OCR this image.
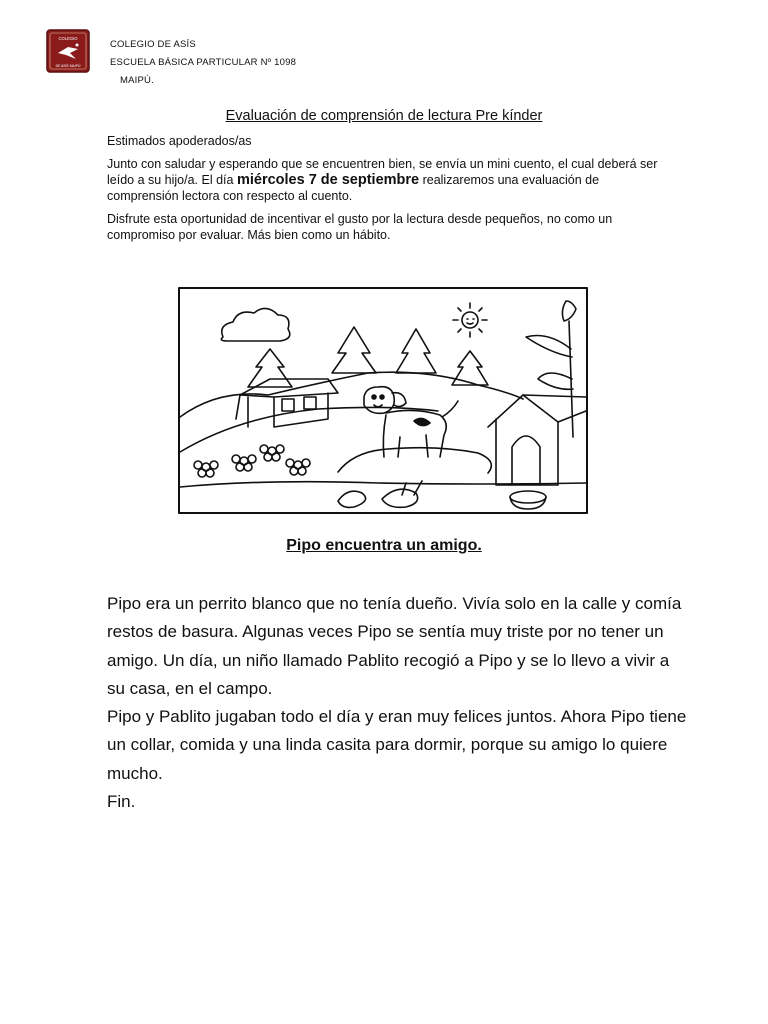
COLEGIO
DE ASÍS MAIPÚ
COLEGIO DE ASÍS
ESCUELA BÁSICA PARTICULAR Nº 1098
MAIPÚ.
Evaluación de comprensión de lectura Pre kínder

Estimados apoderados/as

Junto con saludar y esperando que se encuentren bien, se envía un mini cuento, el cual deberá ser leído a su hijo/a. El día miércoles 7 de septiembre realizaremos una evaluación de comprensión lectora con respecto al cuento.

Disfrute esta oportunidad de incentivar el gusto por la lectura desde pequeños, no como un compromiso por evaluar. Más bien como un hábito.

Pipo encuentra un amigo.

Pipo era un perrito blanco que no tenía dueño. Vivía solo en la calle y comía restos de basura. Algunas veces Pipo se sentía muy triste por no tener un amigo. Un día, un niño llamado Pablito recogió a Pipo y se lo llevo a vivir a su casa, en el campo.

Pipo y Pablito jugaban todo el día y eran muy felices juntos. Ahora Pipo tiene un collar, comida y una linda casita para dormir, porque su amigo lo quiere mucho.

Fin.
